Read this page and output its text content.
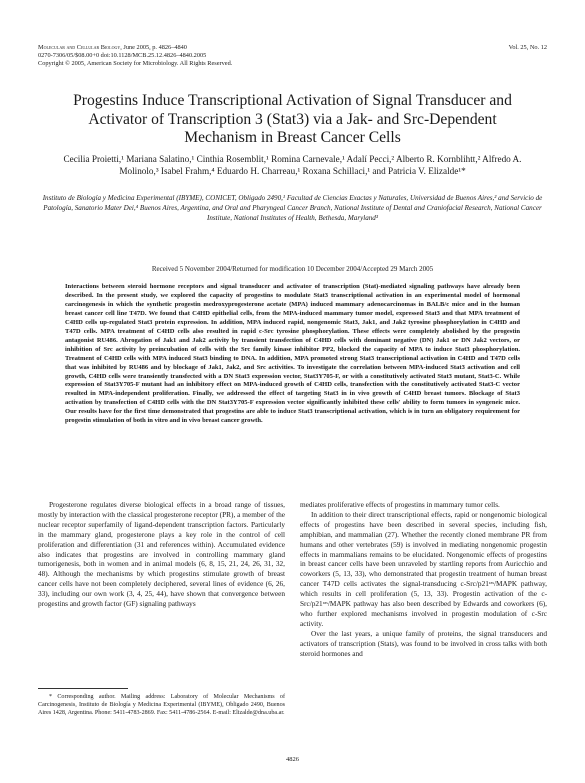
Molecular and Cellular Biology, June 2005, p. 4826–4840
0270-7306/05/$08.00+0 doi:10.1128/MCB.25.12.4826–4840.2005
Copyright © 2005, American Society for Microbiology. All Rights Reserved.
Vol. 25, No. 12
Progestins Induce Transcriptional Activation of Signal Transducer and Activator of Transcription 3 (Stat3) via a Jak- and Src-Dependent Mechanism in Breast Cancer Cells

Cecilia Proietti,¹ Mariana Salatino,¹ Cinthia Rosemblit,¹ Romina Carnevale,¹ Adalí Pecci,² Alberto R. Kornblihtt,² Alfredo A. Molinolo,³ Isabel Frahm,⁴ Eduardo H. Charreau,¹ Roxana Schillaci,¹ and Patricia V. Elizalde¹*

Instituto de Biología y Medicina Experimental (IBYME), CONICET, Obligado 2490,¹ Facultad de Ciencias Exactas y Naturales, Universidad de Buenos Aires,² and Servicio de Patología, Sanatorio Mater Dei,⁴ Buenos Aires, Argentina, and Oral and Pharyngeal Cancer Branch, National Institute of Dental and Craniofacial Research, National Cancer Institute, National Institutes of Health, Bethesda, Maryland³

Received 5 November 2004/Returned for modification 10 December 2004/Accepted 29 March 2005

Interactions between steroid hormone receptors and signal transducer and activator of transcription (Stat)-mediated signaling pathways have already been described. In the present study, we explored the capacity of progestins to modulate Stat3 transcriptional activation in an experimental model of hormonal carcinogenesis in which the synthetic progestin medroxyprogesterone acetate (MPA) induced mammary adenocarcinomas in BALB/c mice and in the human breast cancer cell line T47D. We found that C4HD epithelial cells, from the MPA-induced mammary tumor model, expressed Stat3 and that MPA treatment of C4HD cells up-regulated Stat3 protein expression. In addition, MPA induced rapid, nongenomic Stat3, Jak1, and Jak2 tyrosine phosphorylation in C4HD and T47D cells. MPA treatment of C4HD cells also resulted in rapid c-Src tyrosine phosphorylation. These effects were completely abolished by the progestin antagonist RU486. Abrogation of Jak1 and Jak2 activity by transient transfection of C4HD cells with dominant negative (DN) Jak1 or DN Jak2 vectors, or inhibition of Src activity by preincubation of cells with the Src family kinase inhibitor PP2, blocked the capacity of MPA to induce Stat3 phosphorylation. Treatment of C4HD cells with MPA induced Stat3 binding to DNA. In addition, MPA promoted strong Stat3 transcriptional activation in C4HD and T47D cells that was inhibited by RU486 and by blockage of Jak1, Jak2, and Src activities. To investigate the correlation between MPA-induced Stat3 activation and cell growth, C4HD cells were transiently transfected with a DN Stat3 expression vector, Stat3Y705-F, or with a constitutively activated Stat3 mutant, Stat3-C. While expression of Stat3Y705-F mutant had an inhibitory effect on MPA-induced growth of C4HD cells, transfection with the constitutively activated Stat3-C vector resulted in MPA-independent proliferation. Finally, we addressed the effect of targeting Stat3 in in vivo growth of C4HD breast tumors. Blockage of Stat3 activation by transfection of C4HD cells with the DN Stat3Y705-F expression vector significantly inhibited these cells' ability to form tumors in syngeneic mice. Our results have for the first time demonstrated that progestins are able to induce Stat3 transcriptional activation, which is in turn an obligatory requirement for progestin stimulation of both in vitro and in vivo breast cancer growth.

Progesterone regulates diverse biological effects in a broad range of tissues, mostly by interaction with the classical progesterone receptor (PR), a member of the nuclear receptor superfamily of ligand-dependent transcription factors. Particularly in the mammary gland, progesterone plays a key role in the control of cell proliferation and differentiation (31 and references within). Accumulated evidence also indicates that progestins are involved in controlling mammary gland tumorigenesis, both in women and in animal models (6, 8, 15, 21, 24, 26, 31, 32, 48). Although the mechanisms by which progestins stimulate growth of breast cancer cells have not been completely deciphered, several lines of evidence (6, 26, 33), including our own work (3, 4, 25, 44), have shown that convergence between progestins and growth factor (GF) signaling pathways

mediates proliferative effects of progestins in mammary tumor cells.

In addition to their direct transcriptional effects, rapid or nongenomic biological effects of progestins have been described in several species, including fish, amphibian, and mammalian (27). Whether the recently cloned membrane PR from humans and other vertebrates (59) is involved in mediating nongenomic progestin effects in mammalians remains to be elucidated. Nongenomic effects of progestins in breast cancer cells have been unraveled by startling reports from Auricchio and coworkers (5, 13, 33), who demonstrated that progestin treatment of human breast cancer T47D cells activates the signal-transducing c-Src/p21ʳᵃˢ/MAPK pathway, which results in cell proliferation (5, 13, 33). Progestin activation of the c-Src/p21ʳᵃˢ/MAPK pathway has also been described by Edwards and coworkers (6), who further explored mechanisms involved in progestin modulation of c-Src activity.

Over the last years, a unique family of proteins, the signal transducers and activators of transcription (Stats), was found to be involved in cross talks with both steroid hormones and

* Corresponding author. Mailing address: Laboratory of Molecular Mechanisms of Carcinogenesis, Instituto de Biología y Medicina Experimental (IBYME), Obligado 2490, Buenos Aires 1428, Argentina. Phone: 5411-4783-2869. Fax: 5411-4786-2564. E-mail: Elizalde@dna.uba.ar.

4826
